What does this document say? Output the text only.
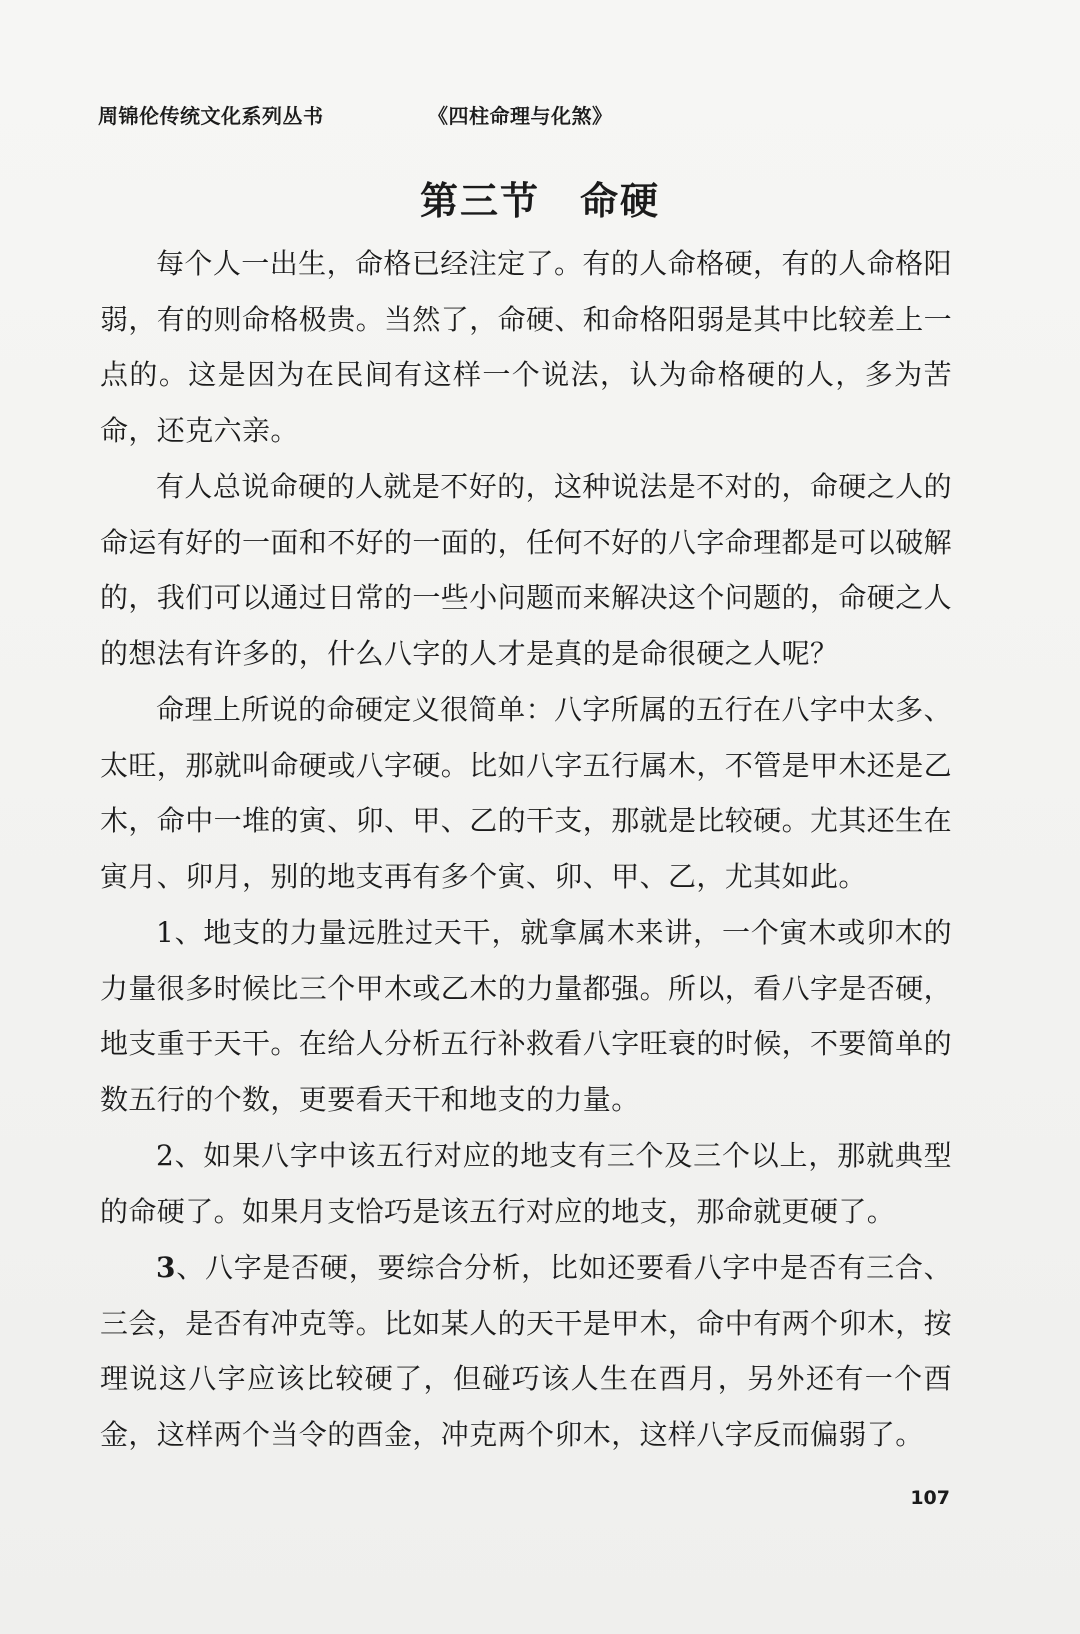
周锦伦传统文化系列丛书	《四柱命理与化煞》
第三节　命硬

每个人一出生，命格已经注定了。有的人命格硬，有的人命格阳弱，有的则命格极贵。当然了，命硬、和命格阳弱是其中比较差上一点的。这是因为在民间有这样一个说法，认为命格硬的人，多为苦命，还克六亲。

有人总说命硬的人就是不好的，这种说法是不对的，命硬之人的命运有好的一面和不好的一面的，任何不好的八字命理都是可以破解的，我们可以通过日常的一些小问题而来解决这个问题的，命硬之人的想法有许多的，什么八字的人才是真的是命很硬之人呢？

命理上所说的命硬定义很简单：八字所属的五行在八字中太多、太旺，那就叫命硬或八字硬。比如八字五行属木，不管是甲木还是乙木，命中一堆的寅、卯、甲、乙的干支，那就是比较硬。尤其还生在寅月、卯月，别的地支再有多个寅、卯、甲、乙，尤其如此。

1、地支的力量远胜过天干，就拿属木来讲，一个寅木或卯木的力量很多时候比三个甲木或乙木的力量都强。所以，看八字是否硬，地支重于天干。在给人分析五行补救看八字旺衰的时候，不要简单的数五行的个数，更要看天干和地支的力量。

2、如果八字中该五行对应的地支有三个及三个以上，那就典型的命硬了。如果月支恰巧是该五行对应的地支，那命就更硬了。

3、八字是否硬，要综合分析，比如还要看八字中是否有三合、三会，是否有冲克等。比如某人的天干是甲木，命中有两个卯木，按理说这八字应该比较硬了，但碰巧该人生在酉月，另外还有一个酉金，这样两个当令的酉金，冲克两个卯木，这样八字反而偏弱了。

107
